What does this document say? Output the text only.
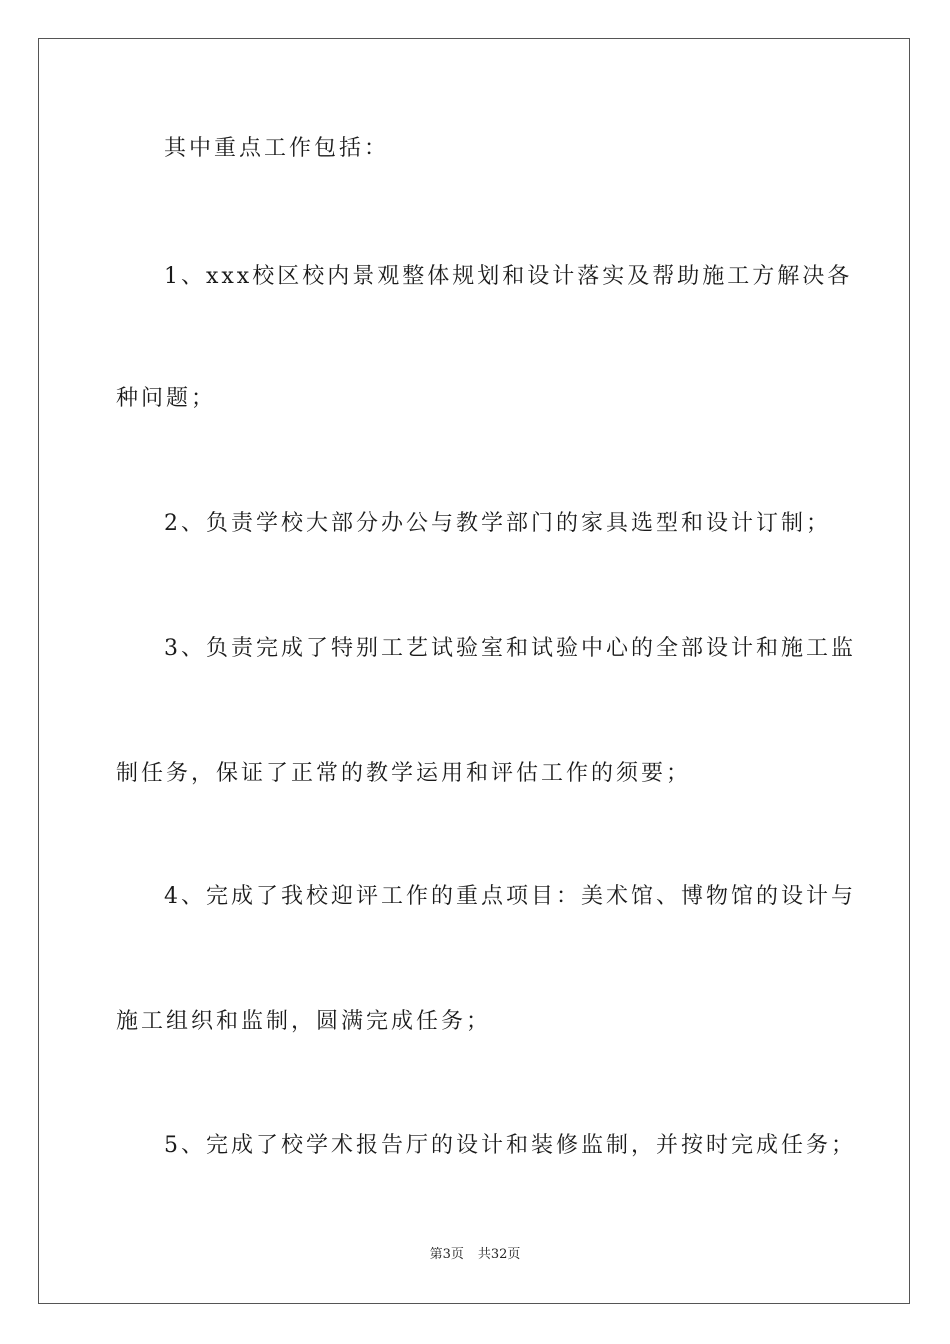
其中重点工作包括：
1、xxx校区校内景观整体规划和设计落实及帮助施工方解决各
种问题；
2、负责学校大部分办公与教学部门的家具选型和设计订制；
3、负责完成了特别工艺试验室和试验中心的全部设计和施工监
制任务，保证了正常的教学运用和评估工作的须要；
4、完成了我校迎评工作的重点项目：美术馆、博物馆的设计与
施工组织和监制，圆满完成任务；
5、完成了校学术报告厅的设计和装修监制，并按时完成任务；
第3页 共32页
